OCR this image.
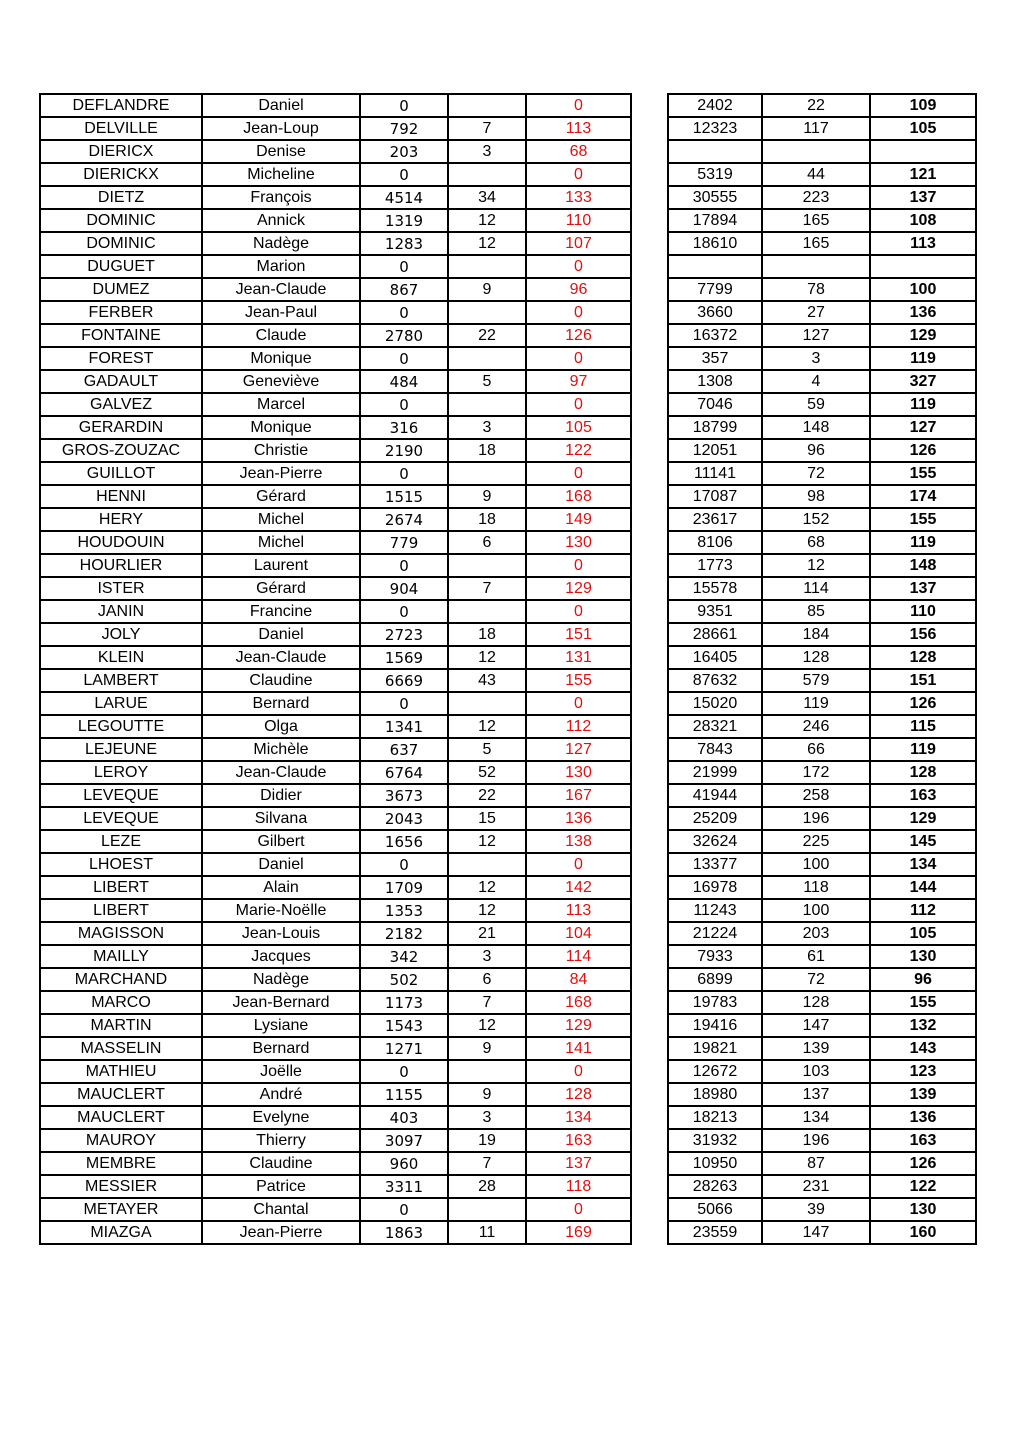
DEFLANDRE	Daniel	0		0
DELVILLE	Jean-Loup	792	7	113
DIERICX	Denise	203	3	68
DIERICKX	Micheline	0		0
DIETZ	François	4514	34	133
DOMINIC	Annick	1319	12	110
DOMINIC	Nadège	1283	12	107
DUGUET	Marion	0		0
DUMEZ	Jean-Claude	867	9	96
FERBER	Jean-Paul	0		0
FONTAINE	Claude	2780	22	126
FOREST	Monique	0		0
GADAULT	Geneviève	484	5	97
GALVEZ	Marcel	0		0
GERARDIN	Monique	316	3	105
GROS-ZOUZAC	Christie	2190	18	122
GUILLOT	Jean-Pierre	0		0
HENNI	Gérard	1515	9	168
HERY	Michel	2674	18	149
HOUDOUIN	Michel	779	6	130
HOURLIER	Laurent	0		0
ISTER	Gérard	904	7	129
JANIN	Francine	0		0
JOLY	Daniel	2723	18	151
KLEIN	Jean-Claude	1569	12	131
LAMBERT	Claudine	6669	43	155
LARUE	Bernard	0		0
LEGOUTTE	Olga	1341	12	112
LEJEUNE	Michèle	637	5	127
LEROY	Jean-Claude	6764	52	130
LEVEQUE	Didier	3673	22	167
LEVEQUE	Silvana	2043	15	136
LEZE	Gilbert	1656	12	138
LHOEST	Daniel	0		0
LIBERT	Alain	1709	12	142
LIBERT	Marie-Noëlle	1353	12	113
MAGISSON	Jean-Louis	2182	21	104
MAILLY	Jacques	342	3	114
MARCHAND	Nadège	502	6	84
MARCO	Jean-Bernard	1173	7	168
MARTIN	Lysiane	1543	12	129
MASSELIN	Bernard	1271	9	141
MATHIEU	Joëlle	0		0
MAUCLERT	André	1155	9	128
MAUCLERT	Evelyne	403	3	134
MAUROY	Thierry	3097	19	163
MEMBRE	Claudine	960	7	137
MESSIER	Patrice	3311	28	118
METAYER	Chantal	0		0
MIAZGA	Jean-Pierre	1863	11	169
2402	22	109
12323	117	105

5319	44	121
30555	223	137
17894	165	108
18610	165	113

7799	78	100
3660	27	136
16372	127	129
357	3	119
1308	4	327
7046	59	119
18799	148	127
12051	96	126
11141	72	155
17087	98	174
23617	152	155
8106	68	119
1773	12	148
15578	114	137
9351	85	110
28661	184	156
16405	128	128
87632	579	151
15020	119	126
28321	246	115
7843	66	119
21999	172	128
41944	258	163
25209	196	129
32624	225	145
13377	100	134
16978	118	144
11243	100	112
21224	203	105
7933	61	130
6899	72	96
19783	128	155
19416	147	132
19821	139	143
12672	103	123
18980	137	139
18213	134	136
31932	196	163
10950	87	126
28263	231	122
5066	39	130
23559	147	160
